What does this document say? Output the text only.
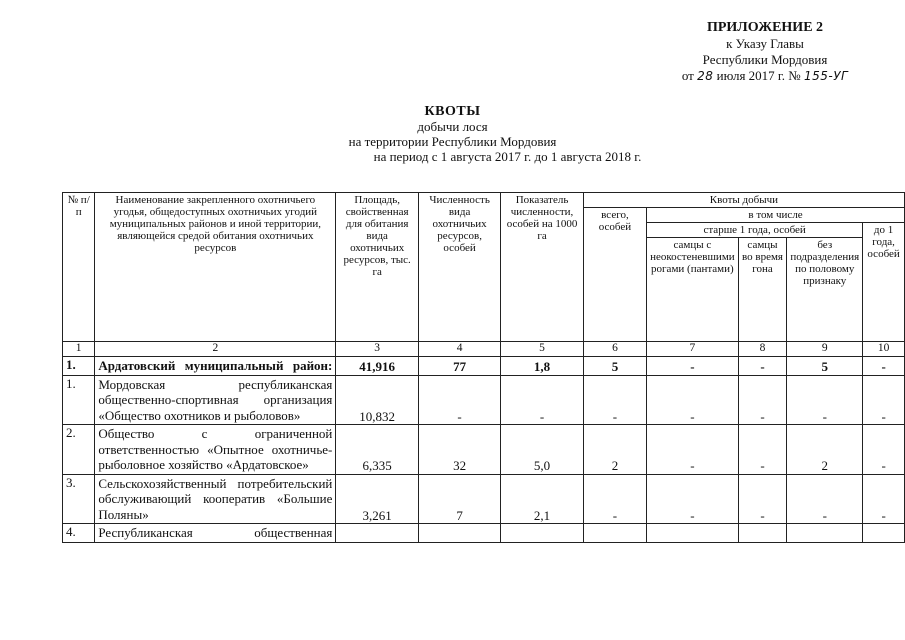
ПРИЛОЖЕНИЕ 2
к Указу Главы
Республики Мордовия
от 28 июля 2017 г. № 155-УГ
КВОТЫ
добычи лося
на территории Республики Мордовия
на период с 1 августа 2017 г. до 1 августа 2018 г.
№ п/п	Наименование закрепленного охотничьего угодья, общедоступных охотничьих угодий муниципальных районов и иной территории, являющейся средой обитания охотничьих ресурсов	Площадь, свойственная для обитания вида охотничьих ресурсов, тыс. га	Численность вида охотничьих ресурсов, особей	Показатель численности, особей на 1000 га	Квоты добычи				
					всего, особей	в том числе			
						старше 1 года, особей			до 1 года, особей
						самцы с неокостеневшими рогами (пантами)	самцы во время гона	без подразделения по половому признаку	
1	2	3	4	5	6	7	8	9	10
1.	Ардатовский муниципальный район:	41,916	77	1,8	5	-	-	5	-
1.	Мордовская республиканская общественно-спортивная организация «Общество охотников и рыболовов»	10,832	-	-	-	-	-	-	-
2.	Общество с ограниченной ответственностью «Опытное охотничье-рыболовное хозяйство «Ардатовское»	6,335	32	5,0	2	-	-	2	-
3.	Сельскохозяйственный потребительский обслуживающий кооператив «Большие Поляны»	3,261	7	2,1	-	-	-	-	-
4.	Республиканская общественная								
